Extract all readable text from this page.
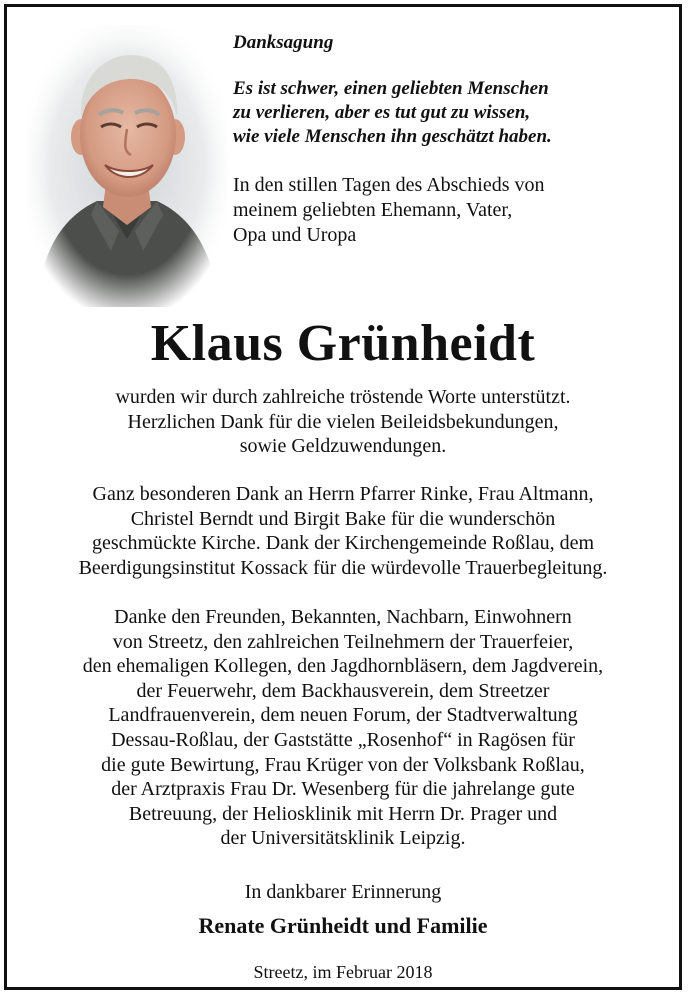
Danksagung

Es ist schwer, einen geliebten Menschen
zu verlieren, aber es tut gut zu wissen,
wie viele Menschen ihn geschätzt haben.

In den stillen Tagen des Abschieds von
meinem geliebten Ehemann, Vater,
Opa und Uropa

Klaus Grünheidt
wurden wir durch zahlreiche tröstende Worte unterstützt.
Herzlichen Dank für die vielen Beileidsbekundungen,
sowie Geldzuwendungen.
Ganz besonderen Dank an Herrn Pfarrer Rinke, Frau Altmann,
Christel Berndt und Birgit Bake für die wunderschön
geschmückte Kirche. Dank der Kirchengemeinde Roßlau, dem
Beerdigungsinstitut Kossack für die würdevolle Trauerbegleitung.
Danke den Freunden, Bekannten, Nachbarn, Einwohnern
von Streetz, den zahlreichen Teilnehmern der Trauerfeier,
den ehemaligen Kollegen, den Jagdhornbläsern, dem Jagdverein,
der Feuerwehr, dem Backhausverein, dem Streetzer
Landfrauenverein, dem neuen Forum, der Stadtverwaltung
Dessau-Roßlau, der Gaststätte „Rosenhof“ in Ragösen für
die gute Bewirtung, Frau Krüger von der Volksbank Roßlau,
der Arztpraxis Frau Dr. Wesenberg für die jahrelange gute
Betreuung, der Heliosklinik mit Herrn Dr. Prager und
der Universitätsklinik Leipzig.
In dankbarer Erinnerung
Renate Grünheidt und Familie
Streetz, im Februar 2018
